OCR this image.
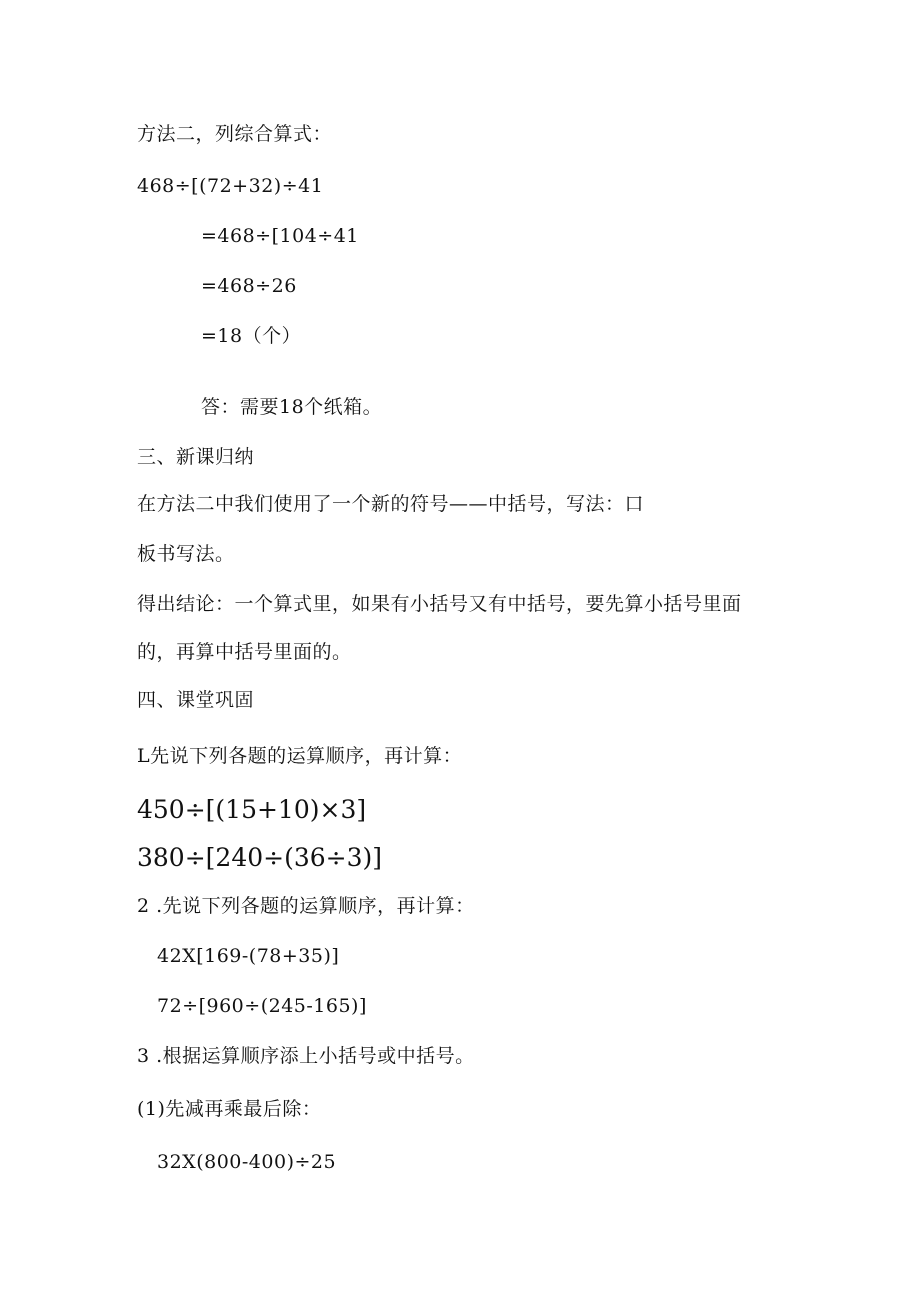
方法二，列综合算式：
468÷[(72+32)÷41
=468÷[104÷41
=468÷26
=18（个）
答：需要18个纸箱。
三、新课归纳
在方法二中我们使用了一个新的符号——中括号，写法：口
板书写法。
得出结论：一个算式里，如果有小括号又有中括号，要先算小括号里面
的，再算中括号里面的。
四、课堂巩固
L先说下列各题的运算顺序，再计算：
450÷[(15+10)×3]
380÷[240÷(36÷3)]
2 .先说下列各题的运算顺序，再计算：
42X[169-(78+35)]
72÷[960÷(245-165)]
3 .根据运算顺序添上小括号或中括号。
(1)先减再乘最后除：
32X(800-400)÷25
